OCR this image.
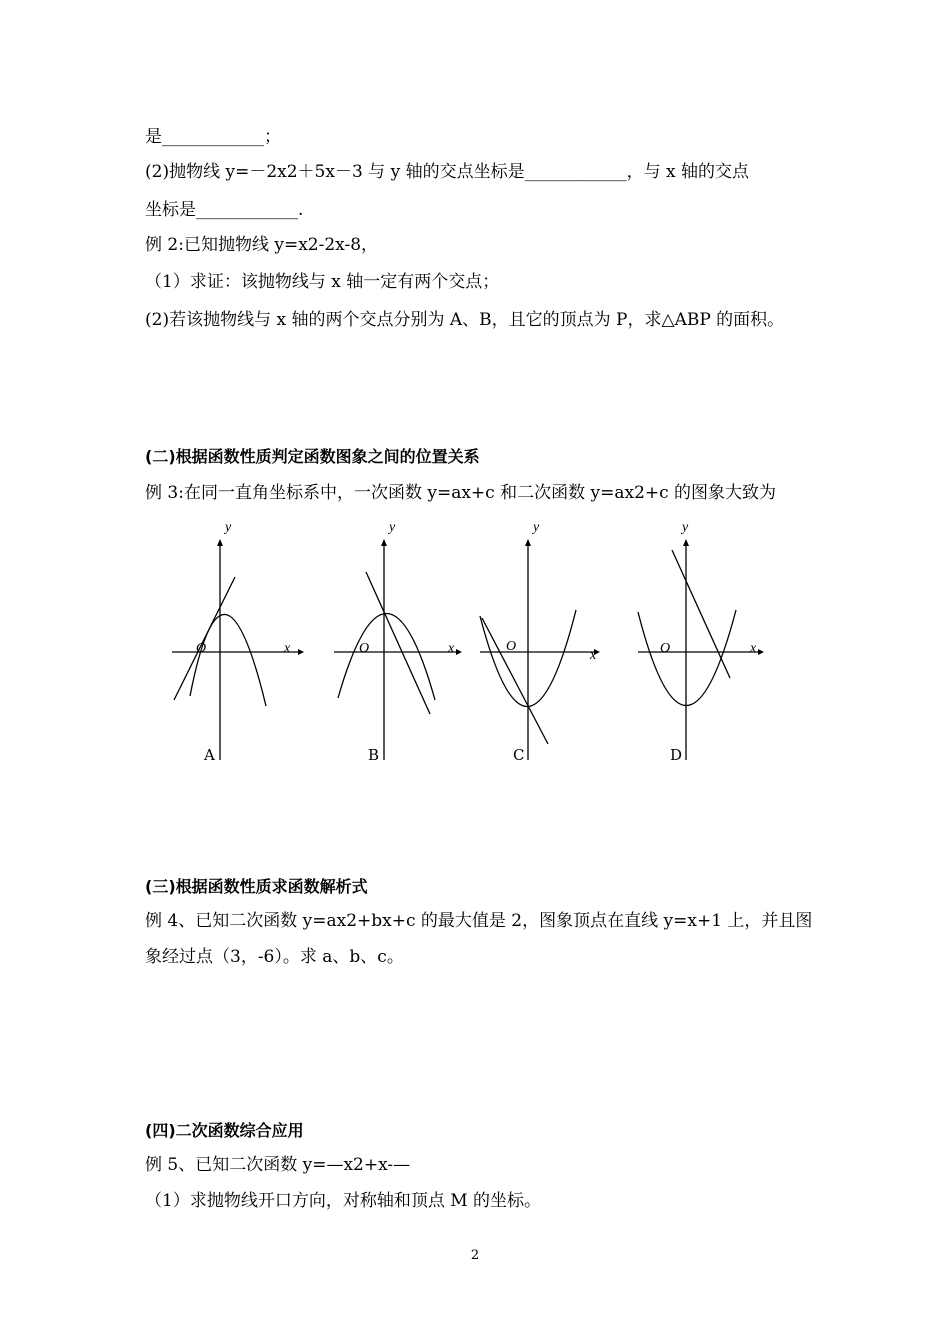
是____________；
(2)抛物线 y=－2x2＋5x－3 与 y 轴的交点坐标是____________，与 x 轴的交点
坐标是____________.
例 2:已知抛物线 y=x2-2x-8，
（1）求证：该抛物线与 x 轴一定有两个交点；
(2)若该抛物线与 x 轴的两个交点分别为 A、B，且它的顶点为 P，求△ABP 的面积。
(二)根据函数性质判定函数图象之间的位置关系
例 3:在同一直角坐标系中，一次函数 y=ax+c 和二次函数 y=ax2+c 的图象大致为
y
x
O
A
y
x
O
B
y
x
O
C
y
x
O
D
(三)根据函数性质求函数解析式
例 4、已知二次函数 y=ax2+bx+c 的最大值是 2，图象顶点在直线 y=x+1 上，并且图
象经过点（3，-6）。求 a、b、c。
(四)二次函数综合应用
例 5、已知二次函数 y=—x2+x-—
（1）求抛物线开口方向，对称轴和顶点 M 的坐标。
2
